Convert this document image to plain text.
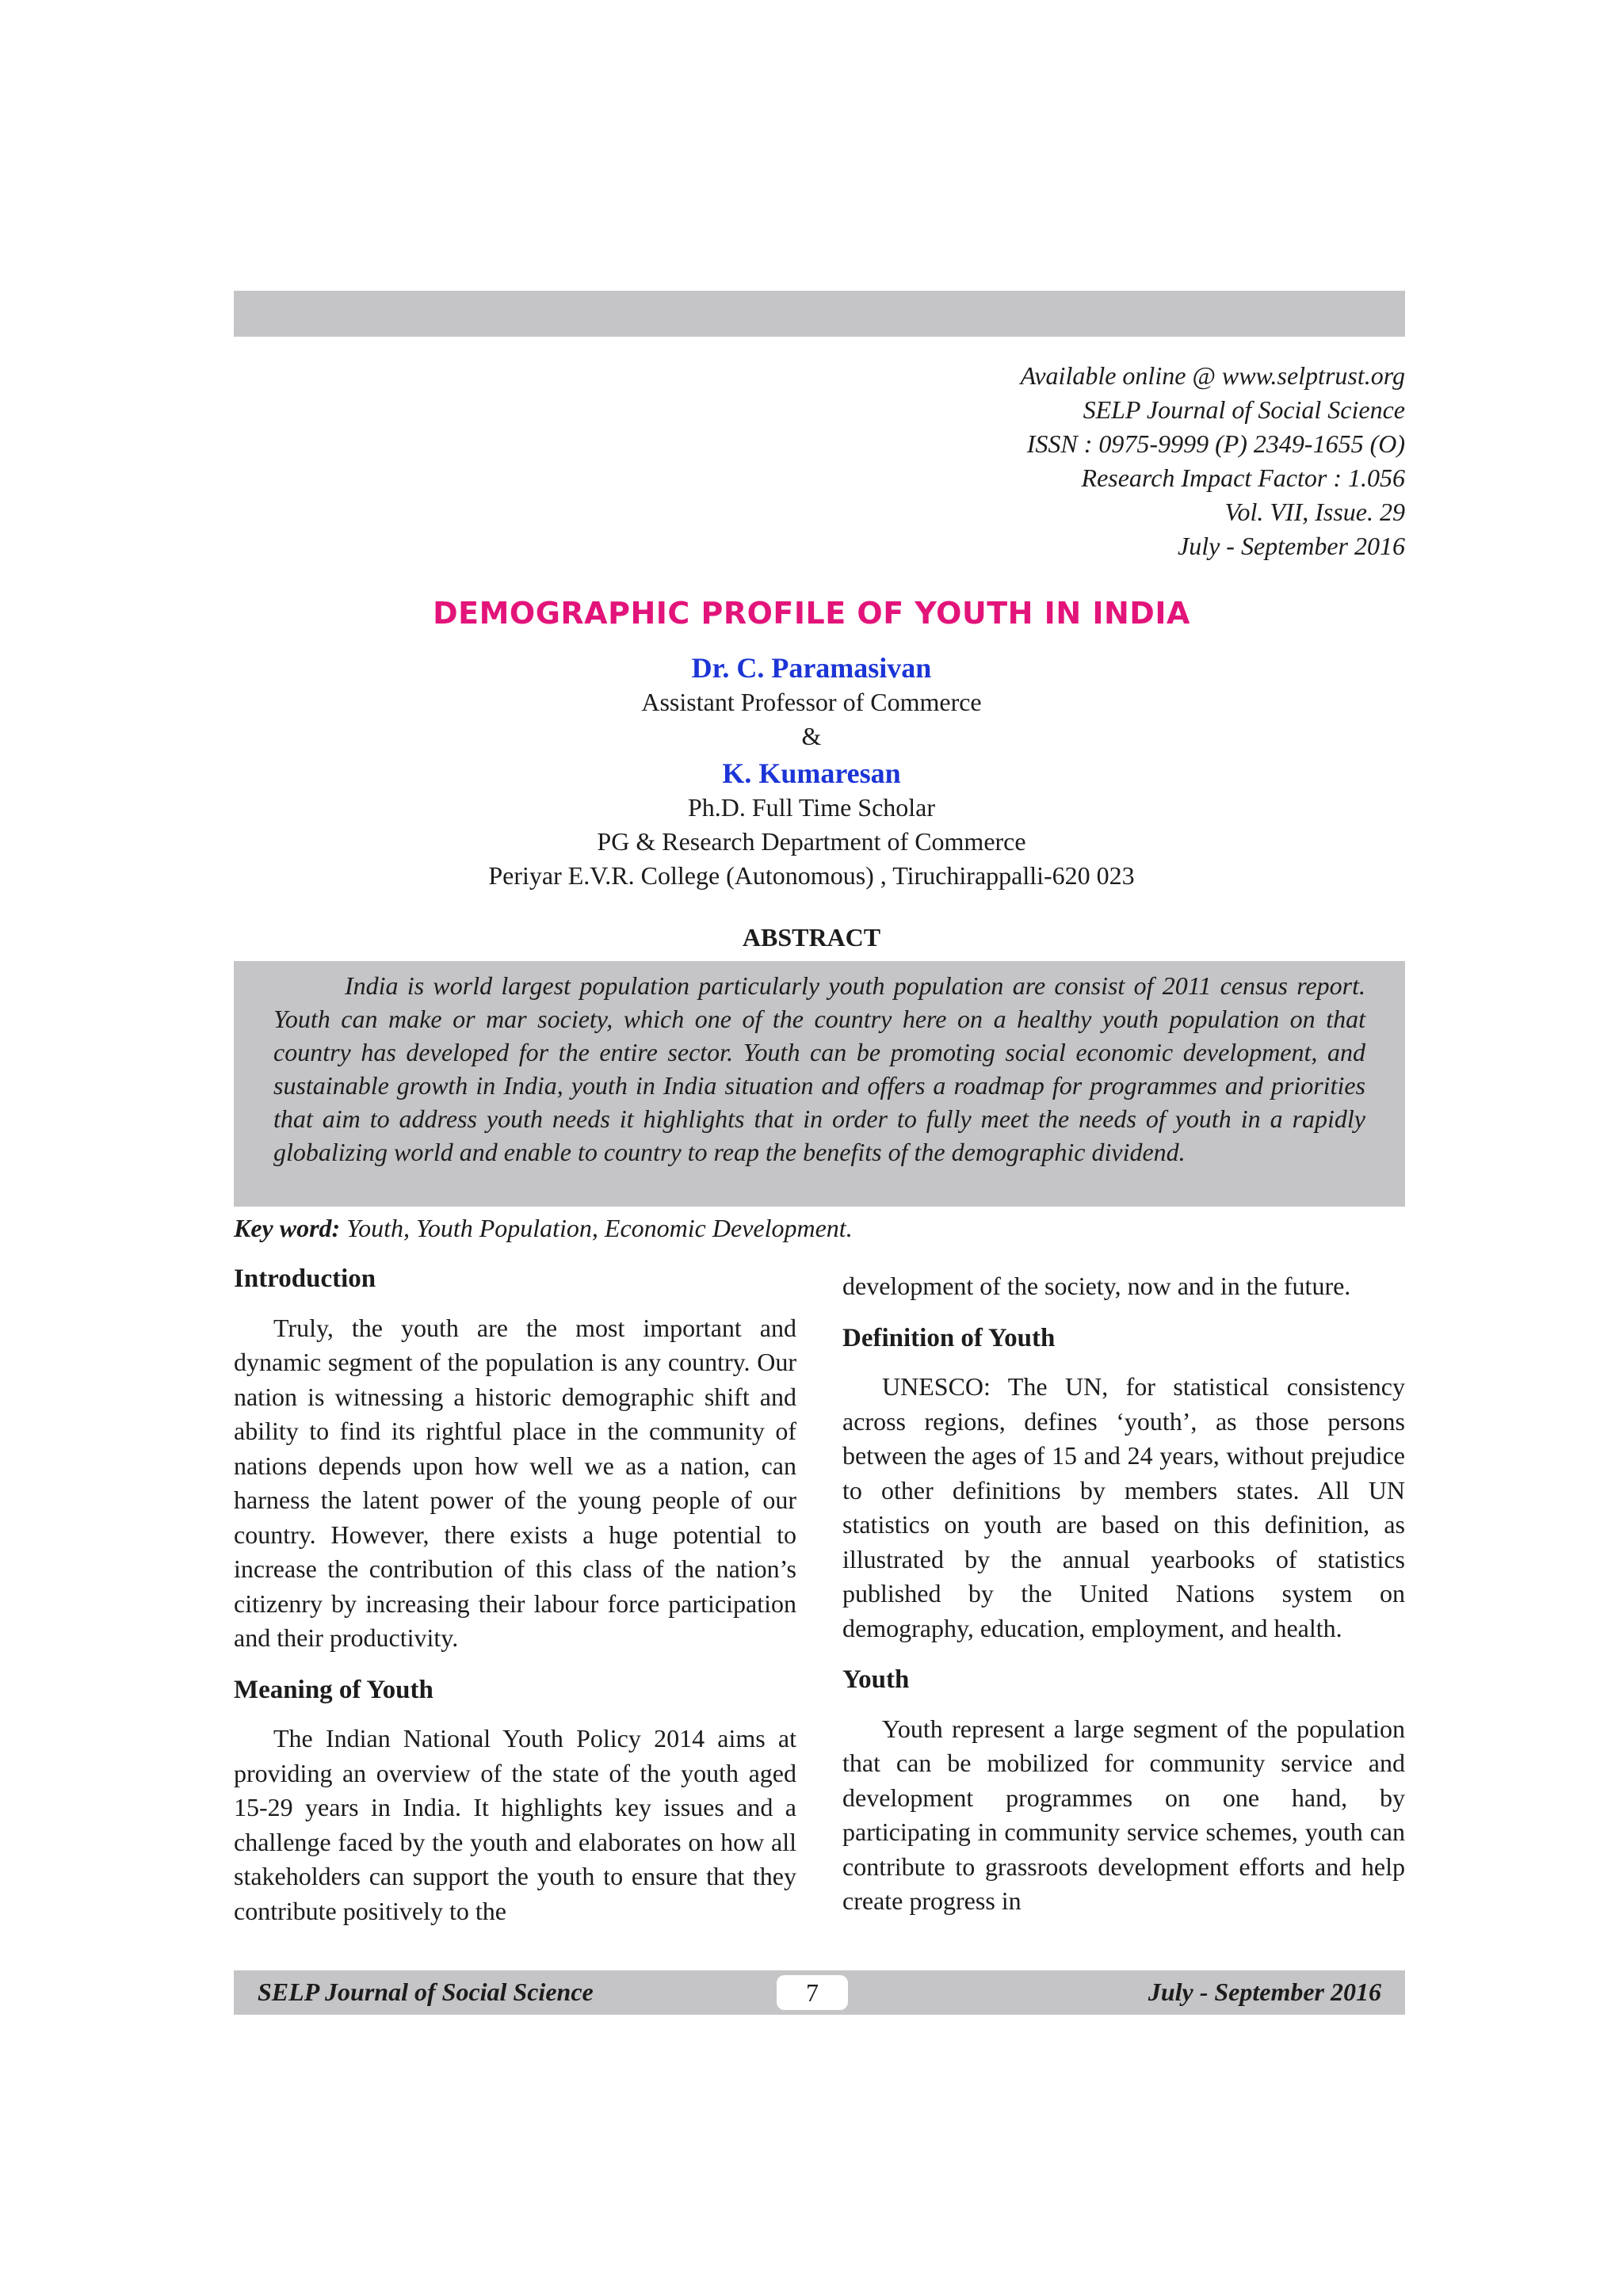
Available online @ www.selptrust.org
SELP Journal of Social Science
ISSN : 0975-9999 (P) 2349-1655 (O)
Research Impact Factor : 1.056
Vol. VII, Issue. 29
July - September 2016
DEMOGRAPHIC PROFILE OF YOUTH IN INDIA
Dr. C. Paramasivan
Assistant Professor of Commerce
&
K. Kumaresan
Ph.D. Full Time Scholar
PG & Research Department of Commerce
Periyar E.V.R. College (Autonomous) , Tiruchirappalli-620 023
ABSTRACT

India is world largest population particularly youth population are consist of 2011 census report. Youth can make or mar society, which one of the country here on a healthy youth population on that country has developed for the entire sector. Youth can be promoting social economic development, and sustainable growth in India, youth in India situation and offers a roadmap for programmes and priorities that aim to address youth needs it highlights that in order to fully meet the needs of youth in a rapidly globalizing world and enable to country to reap the benefits of the demographic dividend.

Key word: Youth, Youth Population, Economic Development.
Introduction

Truly, the youth are the most important and dynamic segment of the population is any country. Our nation is witnessing a historic demographic shift and ability to find its rightful place in the community of nations depends upon how well we as a nation, can harness the latent power of the young people of our country. However, there exists a huge potential to increase the contribution of this class of the nation’s citizenry by increasing their labour force participation and their productivity.

Meaning of Youth

The Indian National Youth Policy 2014 aims at providing an overview of the state of the youth aged 15-29 years in India. It highlights key issues and a challenge faced by the youth and elaborates on how all stakeholders can support the youth to ensure that they contribute positively to the

development of the society, now and in the future.

Definition of Youth

UNESCO: The UN, for statistical consistency across regions, defines ‘youth’, as those persons between the ages of 15 and 24 years, without prejudice to other definitions by members states. All UN statistics on youth are based on this definition, as illustrated by the annual yearbooks of statistics published by the United Nations system on demography, education, employment, and health.

Youth

Youth represent a large segment of the population that can be mobilized for community service and development programmes on one hand, by participating in community service schemes, youth can contribute to grassroots development efforts and help create progress in

SELP Journal of Social Science	7	July - September 2016
